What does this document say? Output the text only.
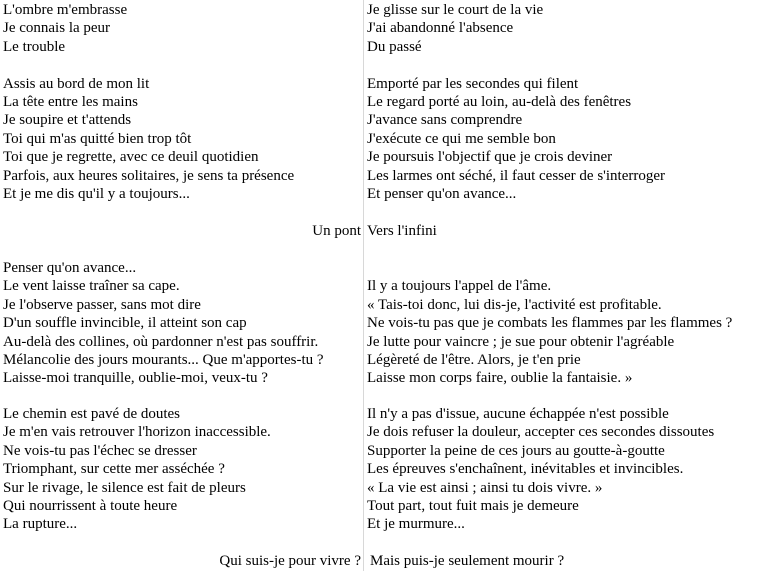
L'ombre m'embrasse
Je connais la peur
Le trouble
Assis au bord de mon lit
La tête entre les mains
Je soupire et t'attends
Toi qui m'as quitté bien trop tôt
Toi que je regrette, avec ce deuil quotidien
Parfois, aux heures solitaires, je sens ta présence
Et je me dis qu'il y a toujours...
Un pont
Penser qu'on avance...
Le vent laisse traîner sa cape.
Je l'observe passer, sans mot dire
D'un souffle invincible, il atteint son cap
Au-delà des collines, où pardonner n'est pas souffrir.
Mélancolie des jours mourants... Que m'apportes-tu ?
Laisse-moi tranquille, oublie-moi, veux-tu ?
Le chemin est pavé de doutes
Je m'en vais retrouver l'horizon inaccessible.
Ne vois-tu pas l'échec se dresser
Triomphant, sur cette mer asséchée ?
Sur le rivage, le silence est fait de pleurs
Qui nourrissent à toute heure
La rupture...
Qui suis-je pour vivre ?
Je glisse sur le court de la vie
J'ai abandonné l'absence
Du passé
Emporté par les secondes qui filent
Le regard porté au loin, au-delà des fenêtres
J'avance sans comprendre
J'exécute ce qui me semble bon
Je poursuis l'objectif que je crois deviner
Les larmes ont séché, il faut cesser de s'interroger
Et penser qu'on avance...
Vers l'infini
Il y a toujours l'appel de l'âme.
« Tais-toi donc, lui dis-je, l'activité est profitable.
Ne vois-tu pas que je combats les flammes par les flammes ?
Je lutte pour vaincre ; je sue pour obtenir l'agréable
Légèreté de l'être. Alors, je t'en prie
Laisse mon corps faire, oublie la fantaisie. »
Il n'y a pas d'issue, aucune échappée n'est possible
Je dois refuser la douleur, accepter ces secondes dissoutes
Supporter la peine de ces jours au goutte-à-goutte
Les épreuves s'enchaînent, inévitables et invincibles.
« La vie est ainsi ; ainsi tu dois vivre. »
Tout part, tout fuit mais je demeure
Et je murmure...
Mais puis-je seulement mourir ?
